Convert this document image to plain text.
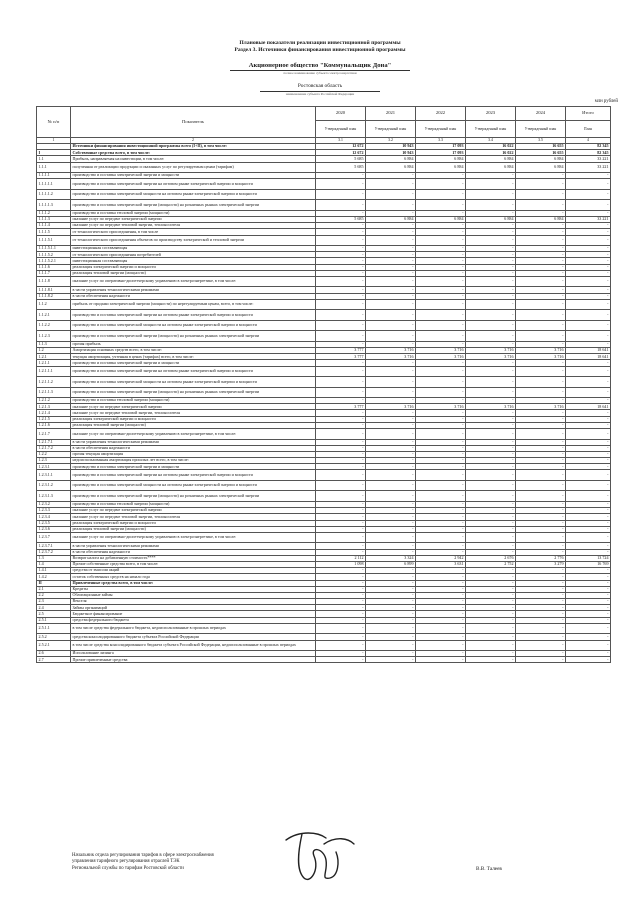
Плановые показатели реализации инвестиционной программы
Раздел 3. Источники финансирования инвестиционной программы
Акционерное общество "Коммунальщик Дона"
полное наименование субъекта электроэнергетики
Ростовская область
наименование субъекта Российской Федерации
млн рублей
№ п/п	Показатель	2020	2021	2022	2023	2024	Итого
		Утвержденный план	Утвержденный план	Утвержденный план	Утвержденный план	Утвержденный план	План
1	2	3.1	3.2	3.3	3.4	3.5	4
	Источники финансирования инвестиционной программы всего (I+II), в том числе:	12 672	10 943	17 093	16 022	16 655	82 345
I	Собственные средства всего, в том числе:	12 672	10 943	17 093	16 022	16 655	82 345
1.1	Прибыль, направляемая на инвестиции, в том числе:	5 685	6 884	6 884	6 884	6 884	33 221
1.1.1	полученная от реализации продукции и оказанных услуг по регулируемым ценам (тарифам)	5 685	6 884	6 884	6 884	6 884	33 221
1.1.1.1	производство и поставка электрической энергии и мощности	-	-	-	-	-	-
1.1.1.1.1	производство и поставка электрической энергии на оптовом рынке электрической энергии и мощности	-	-	-	-	-	-
1.1.1.1.2	производство и поставка электрической мощности на оптовом рынке электрической энергии и мощности	-	-	-	-	-	-
1.1.1.1.3	производство и поставка электрической энергии (мощности) на розничных рынках электрической энергии	-	-	-	-	-	-
1.1.1.2	производство и поставка тепловой энергии (мощности)	-	-	-	-	-	-
1.1.1.3	оказание услуг по передаче электрической энергии	5 685	6 884	6 884	6 884	6 884	33 221
1.1.1.4	оказание услуг по передаче тепловой энергии, теплоносителя	-	-	-	-	-	-
1.1.1.5	от технологического присоединения, в том числе	-	-	-	-	-	-
1.1.1.5.1	от технологического присоединения объектов по производству электрической и тепловой энергии	-	-	-	-	-	-
1.1.1.5.1.1	инвестиционная составляющая	-	-	-	-	-	-
1.1.1.5.2	от технологического присоединения потребителей	-	-	-	-	-	-
1.1.1.5.2.1	инвестиционная составляющая	-	-	-	-	-	-
1.1.1.6	реализация электрической энергии и мощности	-	-	-	-	-	-
1.1.1.7	реализация тепловой энергии (мощности)	-	-	-	-	-	-
1.1.1.8	оказание услуг по оперативно-диспетчерскому управлению в электроэнергетике, в том числе:	-	-	-	-	-	-
1.1.1.8.1	в части управления технологическими режимами	-	-	-	-	-	-
1.1.1.8.2	в части обеспечения надежности	-	-	-	-	-	-
1.1.2	прибыль от продажи электрической энергии (мощности) по нерегулируемым ценам, всего, в том числе:	-	-	-	-	-	-
1.1.2.1	производство и поставка электрической энергии на оптовом рынке электрической энергии и мощности	-	-	-	-	-	-
1.1.2.2	производство и поставка электрической мощности на оптовом рынке электрической энергии и мощности	-	-	-	-	-	-
1.1.2.3	производство и поставка электрической энергии (мощности) на розничных рынках электрической энергии	-	-	-	-	-	-
1.1.3	прочая прибыль	-	-	-	-	-	-
1.2	Амортизация основных средств всего, в том числе:	3 777	3 716	3 716	3 716	3 716	18 641
1.2.1	текущая амортизация, учтенная в ценах (тарифах) всего, в том числе:	3 777	3 716	3 716	3 716	3 716	18 641
1.2.1.1	производство и поставка электрической энергии и мощности	-	-	-	-	-	-
1.2.1.1.1	производство и поставка электрической энергии на оптовом рынке электрической энергии и мощности	-	-	-	-	-	-
1.2.1.1.2	производство и поставка электрической мощности на оптовом рынке электрической энергии и мощности	-	-	-	-	-	-
1.2.1.1.3	производство и поставка электрической энергии (мощности) на розничных рынках электрической энергии	-	-	-	-	-	-
1.2.1.2	производство и поставка тепловой энергии (мощности)	-	-	-	-	-	-
1.2.1.3	оказание услуг по передаче электрической энергии	3 777	3 716	3 716	3 716	3 716	18 641
1.2.1.4	оказание услуг по передаче тепловой энергии, теплоносителя	-	-	-	-	-	-
1.2.1.5	реализация электрической энергии и мощности	-	-	-	-	-	-
1.2.1.6	реализация тепловой энергии (мощности)	-	-	-	-	-	-
1.2.1.7	оказание услуг по оперативно-диспетчерскому управлению в электроэнергетике, в том числе:	-	-	-	-	-	-
1.2.1.7.1	в части управления технологическими режимами	-	-	-	-	-	-
1.2.1.7.2	в части обеспечения надежности	-	-	-	-	-	-
1.2.2	прочая текущая амортизация	-	-	-	-	-	-
1.2.3	недоиспользованная амортизация прошлых лет всего, в том числе:	-	-	-	-	-	-
1.2.3.1	производство и поставка электрической энергии и мощности	-	-	-	-	-	-
1.2.3.1.1	производство и поставка электрической энергии на оптовом рынке электрической энергии и мощности	-	-	-	-	-	-
1.2.3.1.2	производство и поставка электрической мощности на оптовом рынке электрической энергии и мощности	-	-	-	-	-	-
1.2.3.1.3	производство и поставка электрической энергии (мощности) на розничных рынках электрической энергии	-	-	-	-	-	-
1.2.3.2	производство и поставка тепловой энергии (мощности)	-	-	-	-	-	-
1.2.3.3	оказание услуг по передаче электрической энергии	-	-	-	-	-	-
1.2.3.4	оказание услуг по передаче тепловой энергии, теплоносителя	-	-	-	-	-	-
1.2.3.5	реализация электрической энергии и мощности	-	-	-	-	-	-
1.2.3.6	реализация тепловой энергии (мощности)	-	-	-	-	-	-
1.2.3.7	оказание услуг по оперативно-диспетчерскому управлению в электроэнергетике, в том числе:	-	-	-	-	-	-
1.2.3.7.1	в части управления технологическими режимами	-	-	-	-	-	-
1.2.3.7.2	в части обеспечения надежности	-	-	-	-	-	-
1.3	Возврат налога на добавленную стоимость****	2 112	3 324	2 942	2 676	2 776	13 724
1.4	Прочие собственные средства всего, в том числе:	1 098	6 899	3 631	2 752	3 279	16 769
1.4.1	средства от эмиссии акций	-	-	-	-	-	-
1.4.2	остаток собственных средств на начало года	-	-	-	-	-	-
II	Привлеченные средства всего, в том числе:	-	-	-	-	-	-
2.1	Кредиты	-	-	-	-	-	-
2.2	Облигационные займы	-	-	-	-	-	-
2.3	Векселя	-	-	-	-	-	-
2.4	Займы организаций	-	-	-	-	-	-
2.5	Бюджетное финансирование	-	-	-	-	-	-
2.5.1	средства федерального бюджета	-	-	-	-	-	-
2.5.1.1	в том числе средства федерального бюджета, недоиспользованные в прошлых периодах	-	-	-	-	-	-
2.5.2	средства консолидированного бюджета субъекта Российской Федерации	-	-	-	-	-	-
2.5.2.1	в том числе средства консолидированного бюджета субъекта Российской Федерации, недоиспользованные в прошлых периодах	-	-	-	-	-	-
2.6	Использование лизинга	-	-	-	-	-	-
2.7	Прочие привлеченные средства	-	-	-	-	-	-
Начальник отдела регулирования тарифов в сфере электроснабжения
управления тарифного регулирования отраслей ТЭК
Региональной службы по тарифам Ростовской области	В.В. Талеев
